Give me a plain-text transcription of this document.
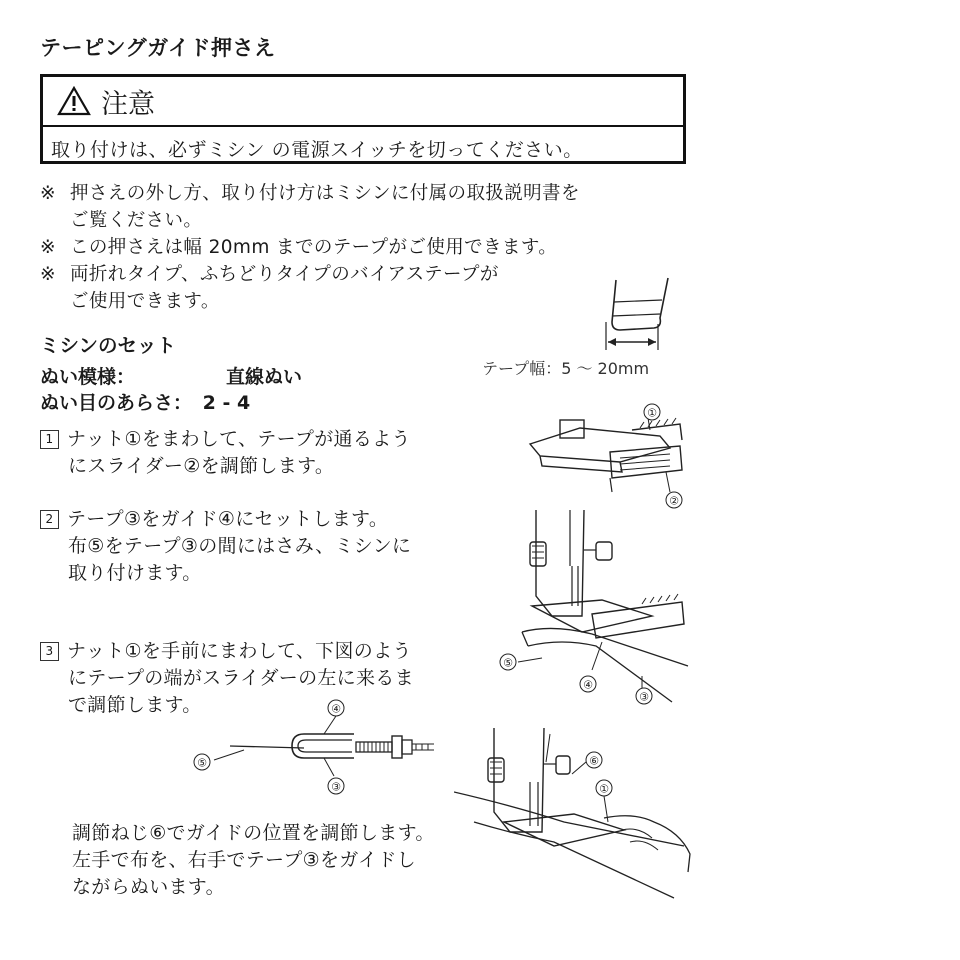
テーピングガイド押さえ
注意
取り付けは、必ずミシン の電源スイッチを切ってください。
※ 押さえの外し方、取り付け方はミシンに付属の取扱説明書を
ご覧ください。
※ この押さえは幅 20mm までのテープがご使用できます。
※ 両折れタイプ、ふちどりタイプのバイアステープが
ご使用できます。
テープ幅：5 ～ 20mm
ミシンのセット
ぬい模様：	直線ぬい
ぬい目のあらさ： 2 - 4
1 ナット①をまわして、テープが通るよう
にスライダー②を調節します。
①
②
2 テープ③をガイド④にセットします。
布⑤をテープ③の間にはさみ、ミシンに
取り付けます。
④
③
⑤
3 ナット①を手前にまわして、下図のよう
にテープの端がスライダーの左に来るま
で調節します。	④
⑤
③
調節ねじ⑥でガイドの位置を調節します。
左手で布を、右手でテープ③をガイドし
ながらぬいます。
⑥
①
